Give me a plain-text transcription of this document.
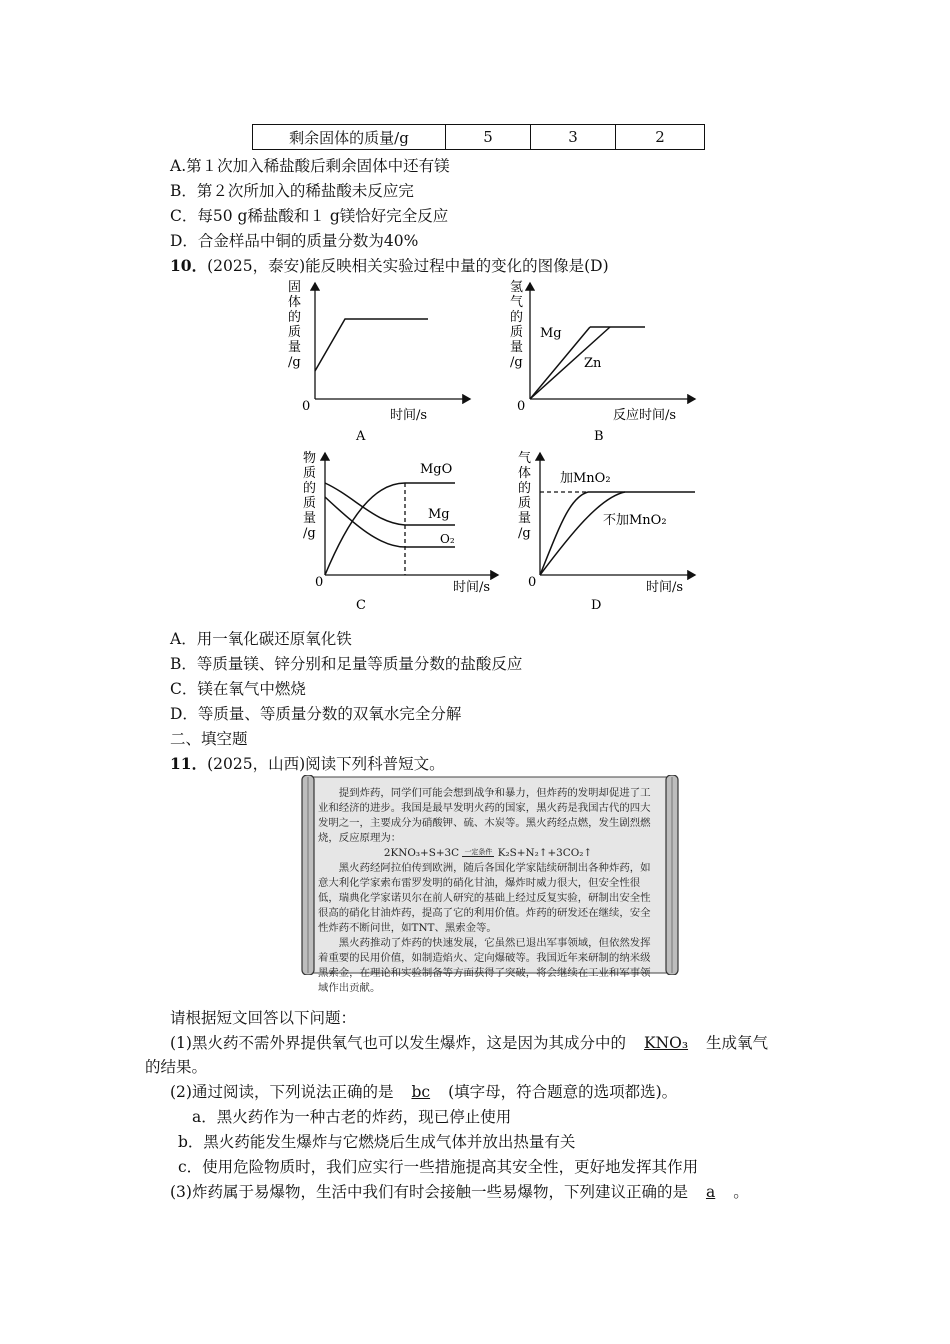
剩余固体的质量/g	5	3	2
A.第１次加入稀盐酸后剩余固体中还有镁
B．第２次所加入的稀盐酸未反应完
C．每50 g稀盐酸和１ g镁恰好完全反应
D．合金样品中铜的质量分数为40%
10．(2025，泰安)能反映相关实验过程中量的变化的图像是(D)
固
体
的
质
量
/g
0
时间/s
A
氢
气
的
质
量
/g
Mg
Zn
0
反应时间/s
B
物
质
的
质
量
/g
MgO
Mg
O₂
0	时间/s
C
气
体
的
质
量
/g
加MnO₂
不加MnO₂
0	时间/s
D
A．用一氧化碳还原氧化铁
B．等质量镁、锌分别和足量等质量分数的盐酸反应
C．镁在氧气中燃烧
D．等质量、等质量分数的双氧水完全分解
二、填空题
11．(2025，山西)阅读下列科普短文。

提到炸药，同学们可能会想到战争和暴力，但炸药的发明却促进了工业和经济的进步。我国是最早发明火药的国家，黑火药是我国古代的四大发明之一，主要成分为硝酸钾、硫、木炭等。黑火药经点燃，发生剧烈燃烧，反应原理为：

2KNO₃+S+3C 一定条件 K₂S+N₂↑+3CO₂↑

黑火药经阿拉伯传到欧洲，随后各国化学家陆续研制出各种炸药，如意大利化学家索布雷罗发明的硝化甘油，爆炸时威力很大，但安全性很低，瑞典化学家诺贝尔在前人研究的基础上经过反复实验，研制出安全性很高的硝化甘油炸药，提高了它的利用价值。炸药的研发还在继续，安全性炸药不断问世，如TNT、黑索金等。

黑火药推动了炸药的快速发展，它虽然已退出军事领域，但依然发挥着重要的民用价值，如制造焰火、定向爆破等。我国近年来研制的纳米级黑索金，在理论和实验制备等方面获得了突破，将会继续在工业和军事领域作出贡献。

请根据短文回答以下问题：
(1)黑火药不需外界提供氧气也可以发生爆炸，这是因为其成分中的 KNO₃ 生成氧气
的结果。
(2)通过阅读，下列说法正确的是 bc (填字母，符合题意的选项都选)。
a．黑火药作为一种古老的炸药，现已停止使用
b．黑火药能发生爆炸与它燃烧后生成气体并放出热量有关
c．使用危险物质时，我们应实行一些措施提高其安全性，更好地发挥其作用
(3)炸药属于易爆物，生活中我们有时会接触一些易爆物，下列建议正确的是 a 。
